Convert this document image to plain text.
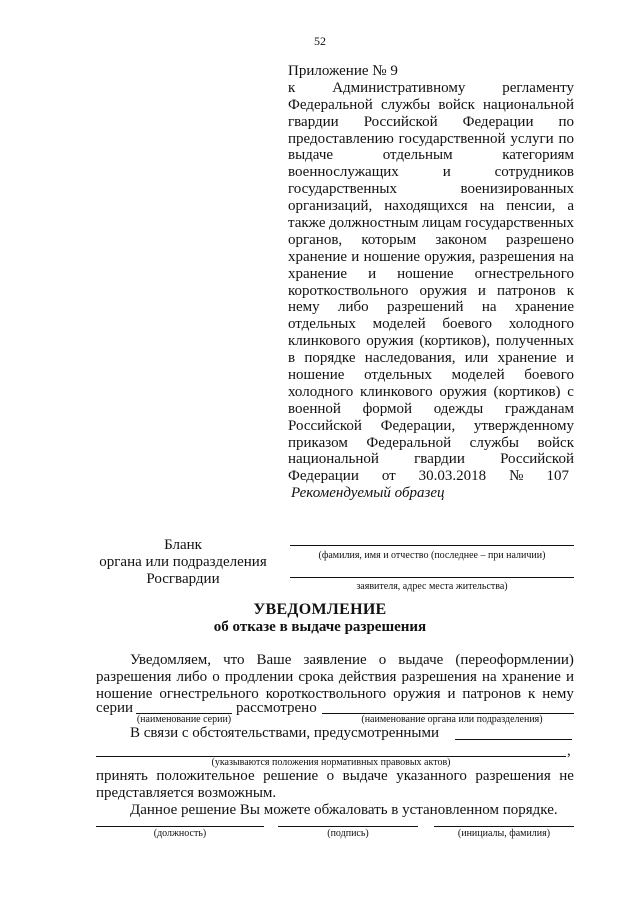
52
Приложение № 9
к Административному регламенту
Федеральной службы войск национальной
гвардии Российской Федерации по
предоставлению государственной услуги по
выдаче	отдельным	категориям
военнослужащих	и	сотрудников
государственных	военизированных
организаций, находящихся на пенсии, а
также должностным лицам государственных
органов, которым законом разрешено
хранение и ношение оружия, разрешения на
хранение и ношение огнестрельного
короткоствольного оружия и патронов к
нему либо разрешений на хранение
отдельных моделей боевого холодного
клинкового оружия (кортиков), полученных
в порядке наследования, или хранение и
ношение отдельных моделей боевого
холодного клинкового оружия (кортиков) с
военной формой одежды гражданам
Российской Федерации, утвержденному
приказом Федеральной службы войск
национальной гвардии Российской
Федерации от 30.03.2018 № 107
Рекомендуемый образец
Бланк
органа или подразделения
Росгвардии
(фамилия, имя и отчество (последнее – при наличии)
заявителя, адрес места жительства)
УВЕДОМЛЕНИЕ
об отказе в выдаче разрешения
Уведомляем, что Ваше заявление о выдаче (переоформлении)
разрешения либо о продлении срока действия разрешения на хранение и
ношение огнестрельного короткоствольного оружия и патронов к нему
серии	рассмотрено
(наименование серии)	(наименование органа или подразделения)
В связи с обстоятельствами, предусмотренными
,
(указываются положения нормативных правовых актов)
принять положительное решение о выдаче указанного разрешения не
представляется возможным.
Данное решение Вы можете обжаловать в установленном порядке.
(должность)	(подпись)	(инициалы, фамилия)
